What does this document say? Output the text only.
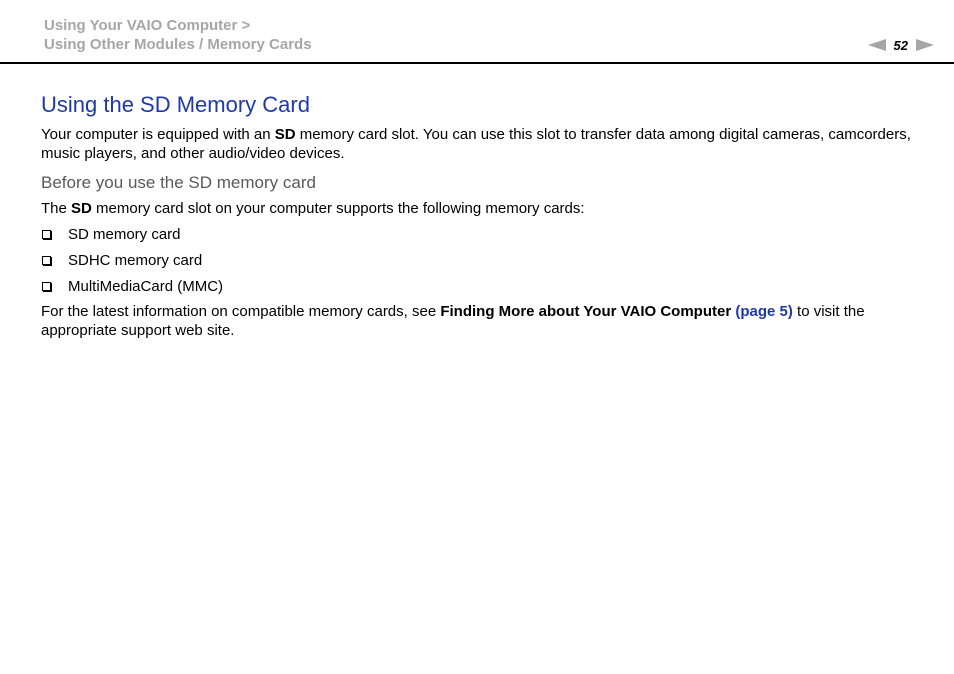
Using Your VAIO Computer >
Using Other Modules / Memory Cards	52
Using the SD Memory Card

Your computer is equipped with an SD memory card slot. You can use this slot to transfer data among digital cameras, camcorders, music players, and other audio/video devices.

Before you use the SD memory card

The SD memory card slot on your computer supports the following memory cards:

SD memory card
SDHC memory card
MultiMediaCard (MMC)

For the latest information on compatible memory cards, see Finding More about Your VAIO Computer (page 5) to visit the appropriate support web site.
